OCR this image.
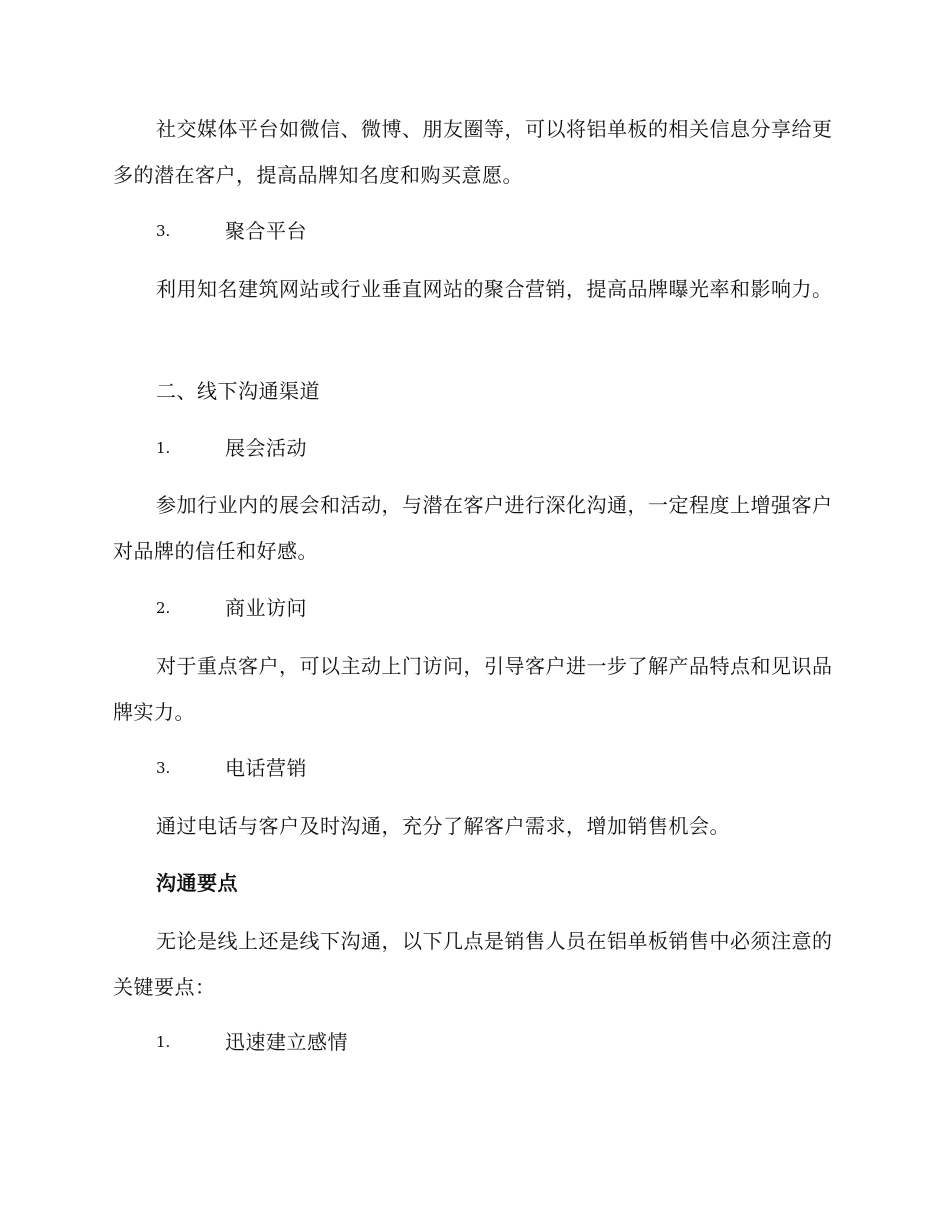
社交媒体平台如微信、微博、朋友圈等，可以将铝单板的相关信息分享给更多的潜在客户，提高品牌知名度和购买意愿。

3.	聚合平台

利用知名建筑网站或行业垂直网站的聚合营销，提高品牌曝光率和影响力。

二、线下沟通渠道

1.	展会活动

参加行业内的展会和活动，与潜在客户进行深化沟通，一定程度上增强客户对品牌的信任和好感。

2.	商业访问

对于重点客户，可以主动上门访问，引导客户进一步了解产品特点和见识品牌实力。

3.	电话营销

通过电话与客户及时沟通，充分了解客户需求，增加销售机会。

沟通要点

无论是线上还是线下沟通，以下几点是销售人员在铝单板销售中必须注意的关键要点：

1.	迅速建立感情
